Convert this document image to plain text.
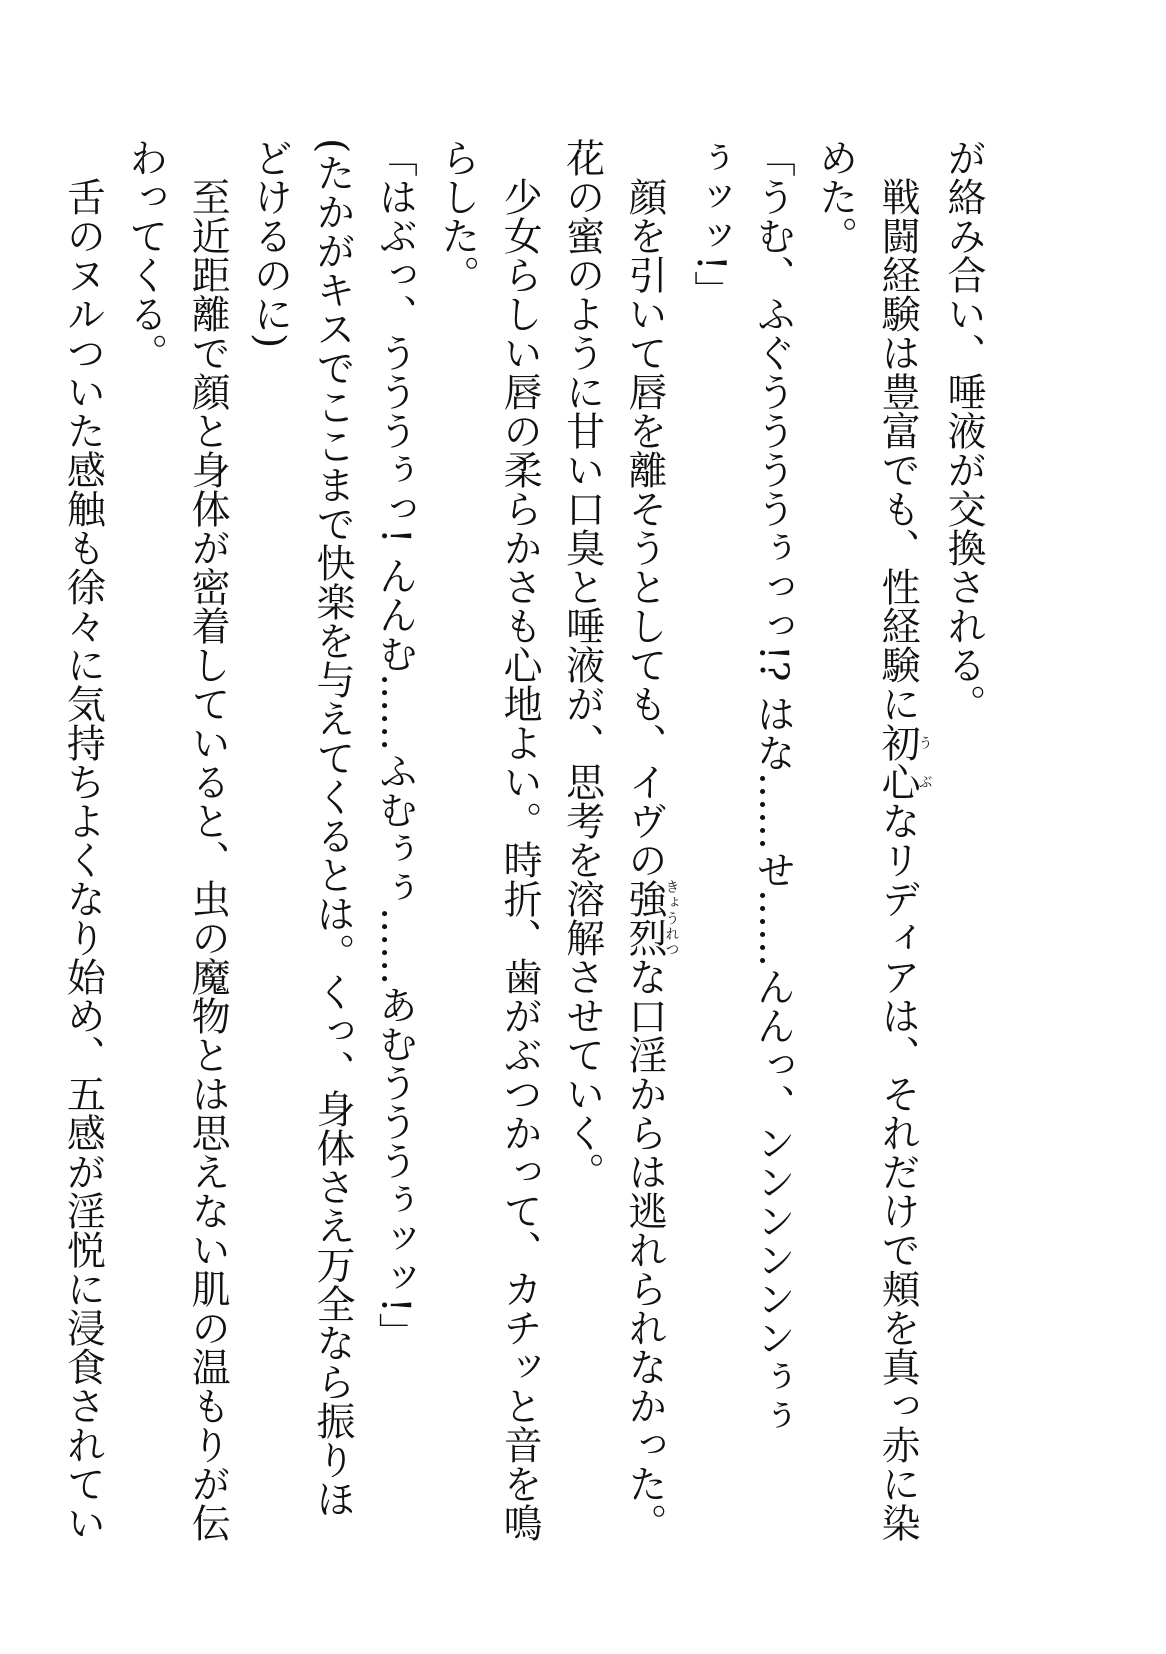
が絡み合い、唾液が交換される。
戦闘経験は豊富でも、性経験に初心うぶなリディアは、それだけで頬を真っ赤に染
めた。
「うむ、ふぐううううぅっっ!? はな……せ……んんっ、ンンンンンンぅぅ
ぅッッ!」
顔を引いて唇を離そうとしても、イヴの強烈きょうれつな口淫からは逃れられなかった。
花の蜜のように甘い口臭と唾液が、思考を溶解させていく。
少女らしい唇の柔らかさも心地よい。時折、歯がぶつかって、カチッと音を鳴
らした。
「はぶっ、うううぅっ! んんむ……ふむぅぅ……あむうううぅッッ!」
(たかがキスでここまで快楽を与えてくるとは。くっ、身体さえ万全なら振りほ
どけるのに)
至近距離で顔と身体が密着していると、虫の魔物とは思えない肌の温もりが伝
わってくる。
舌のヌルついた感触も徐々に気持ちよくなり始め、五感が淫悦に浸食されてい
